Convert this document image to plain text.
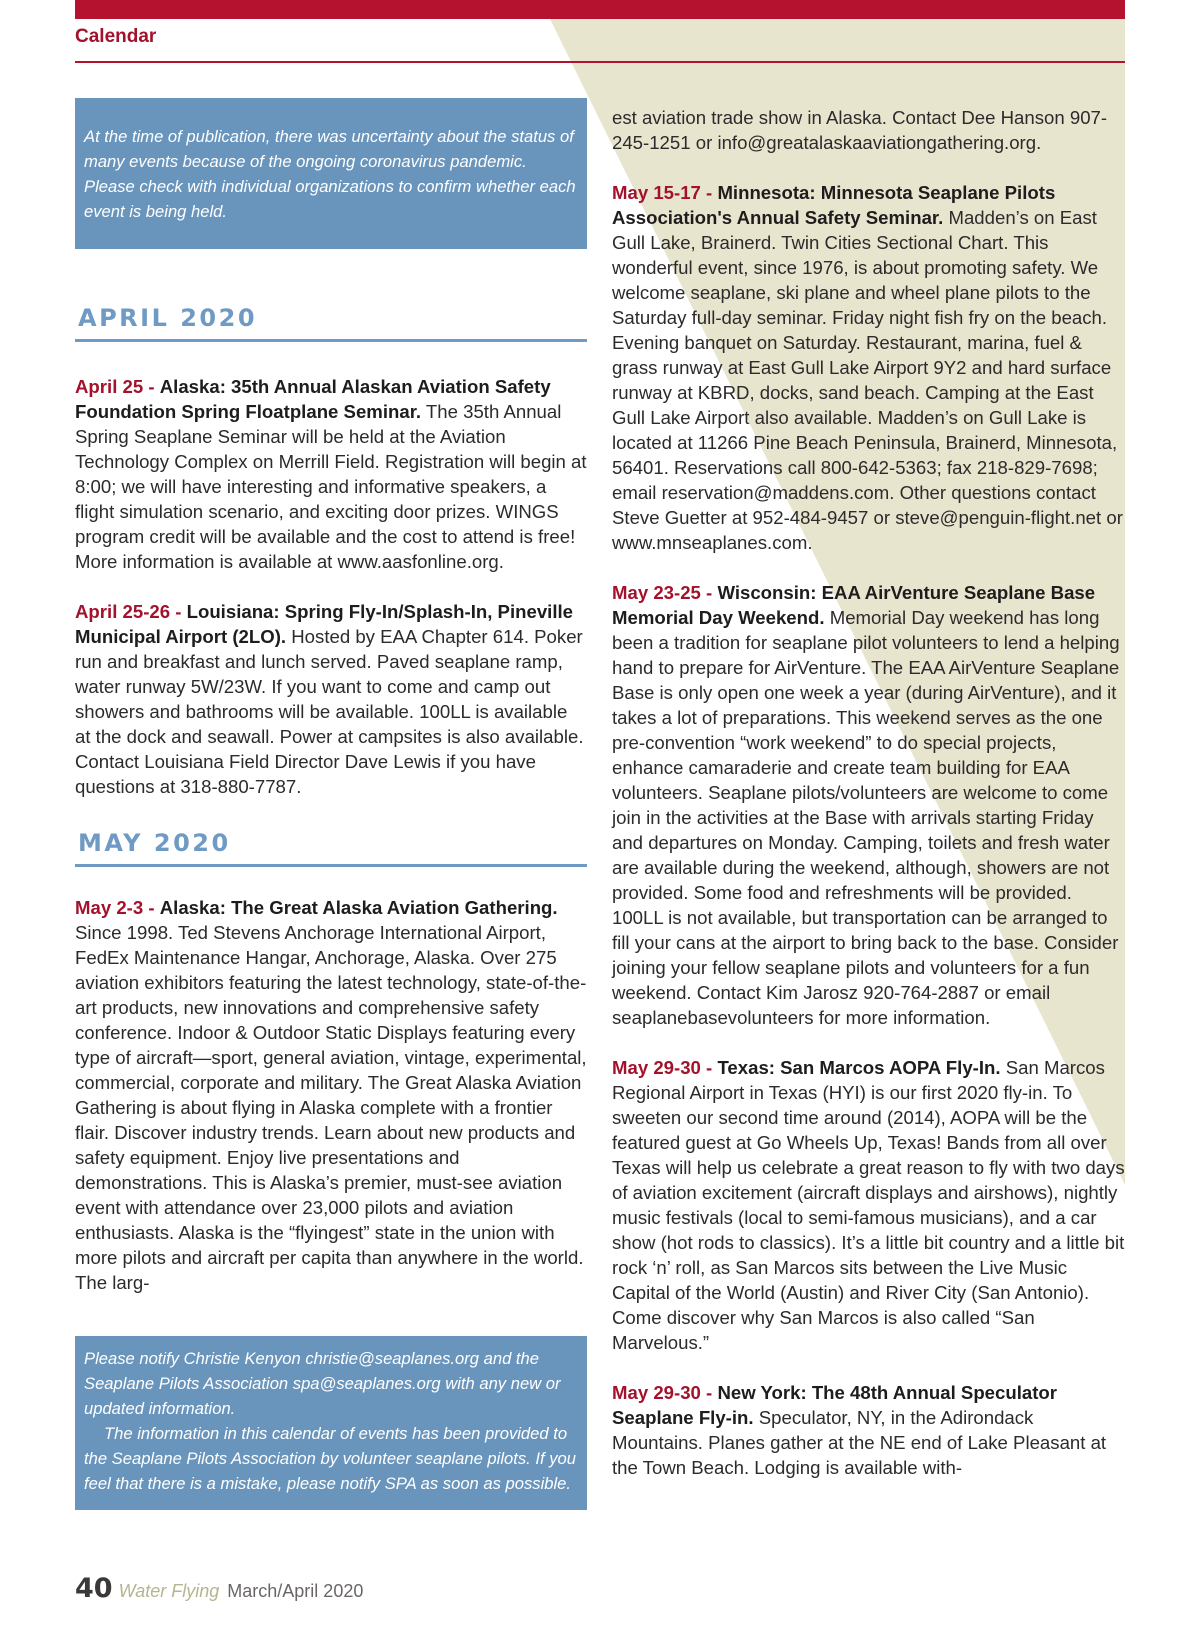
Calendar

At the time of publication, there was uncertainty about the status of many events because of the ongoing coronavirus pandemic. Please check with individual organizations to confirm whether each event is being held.

APRIL 2020

April 25 - Alaska: 35th Annual Alaskan Aviation Safety Foundation Spring Floatplane Seminar. The 35th Annual Spring Seaplane Seminar will be held at the Aviation Technology Complex on Merrill Field. Registration will begin at 8:00; we will have interesting and informative speakers, a flight simulation scenario, and exciting door prizes. WINGS program credit will be available and the cost to attend is free! More information is available at www.aasfonline.org.

April 25-26 - Louisiana: Spring Fly-In/Splash-In, Pineville Municipal Airport (2LO). Hosted by EAA Chapter 614. Poker run and breakfast and lunch served. Paved seaplane ramp, water runway 5W/23W. If you want to come and camp out showers and bathrooms will be available. 100LL is available at the dock and seawall. Power at campsites is also available. Contact Louisiana Field Director Dave Lewis if you have questions at 318-880-7787.

MAY 2020

May 2-3 - Alaska: The Great Alaska Aviation Gathering. Since 1998. Ted Stevens Anchorage International Airport, FedEx Maintenance Hangar, Anchorage, Alaska. Over 275 aviation exhibitors featuring the latest technology, state-of-the-art products, new innovations and comprehensive safety conference. Indoor & Outdoor Static Displays featuring every type of aircraft—sport, general aviation, vintage, experimental, commercial, corporate and military. The Great Alaska Aviation Gathering is about flying in Alaska complete with a frontier flair. Discover industry trends. Learn about new products and safety equipment. Enjoy live presentations and demonstrations. This is Alaska’s premier, must-see aviation event with attendance over 23,000 pilots and aviation enthusiasts. Alaska is the “flyingest” state in the union with more pilots and aircraft per capita than anywhere in the world. The larg-

Please notify Christie Kenyon christie@seaplanes.org and the Seaplane Pilots Association spa@seaplanes.org with any new or updated information.

The information in this calendar of events has been provided to the Seaplane Pilots Association by volunteer seaplane pilots. If you feel that there is a mistake, please notify SPA as soon as possible.

est aviation trade show in Alaska. Contact Dee Hanson 907-245-1251 or info@greatalaskaaviationgathering.org.

May 15-17 - Minnesota: Minnesota Seaplane Pilots Association's Annual Safety Seminar. Madden’s on East Gull Lake, Brainerd. Twin Cities Sectional Chart. This wonderful event, since 1976, is about promoting safety. We welcome seaplane, ski plane and wheel plane pilots to the Saturday full-day seminar. Friday night fish fry on the beach. Evening banquet on Saturday. Restaurant, marina, fuel & grass runway at East Gull Lake Airport 9Y2 and hard surface runway at KBRD, docks, sand beach. Camping at the East Gull Lake Airport also available. Madden’s on Gull Lake is located at 11266 Pine Beach Peninsula, Brainerd, Minnesota, 56401. Reservations call 800-642-5363; fax 218-829-7698; email reservation@maddens.com. Other questions contact Steve Guetter at 952-484-9457 or steve@penguin-flight.net or www.mnseaplanes.com.

May 23-25 - Wisconsin: EAA AirVenture Seaplane Base Memorial Day Weekend. Memorial Day weekend has long been a tradition for seaplane pilot volunteers to lend a helping hand to prepare for AirVenture. The EAA AirVenture Seaplane Base is only open one week a year (during AirVenture), and it takes a lot of preparations. This weekend serves as the one pre-convention “work weekend” to do special projects, enhance camaraderie and create team building for EAA volunteers. Seaplane pilots/volunteers are welcome to come join in the activities at the Base with arrivals starting Friday and departures on Monday. Camping, toilets and fresh water are available during the weekend, although, showers are not provided. Some food and refreshments will be provided. 100LL is not available, but transportation can be arranged to fill your cans at the airport to bring back to the base. Consider joining your fellow seaplane pilots and volunteers for a fun weekend. Contact Kim Jarosz 920-764-2887 or email seaplanebasevolunteers for more information.

May 29-30 - Texas: San Marcos AOPA Fly-In. San Marcos Regional Airport in Texas (HYI) is our first 2020 fly-in. To sweeten our second time around (2014), AOPA will be the featured guest at Go Wheels Up, Texas! Bands from all over Texas will help us celebrate a great reason to fly with two days of aviation excitement (aircraft displays and airshows), nightly music festivals (local to semi-famous musicians), and a car show (hot rods to classics). It’s a little bit country and a little bit rock ‘n’ roll, as San Marcos sits between the Live Music Capital of the World (Austin) and River City (San Antonio). Come discover why San Marcos is also called “San Marvelous.”

May 29-30 - New York: The 48th Annual Speculator Seaplane Fly-in. Speculator, NY, in the Adirondack Mountains. Planes gather at the NE end of Lake Pleasant at the Town Beach. Lodging is available with-

40 Water Flying March/April 2020
